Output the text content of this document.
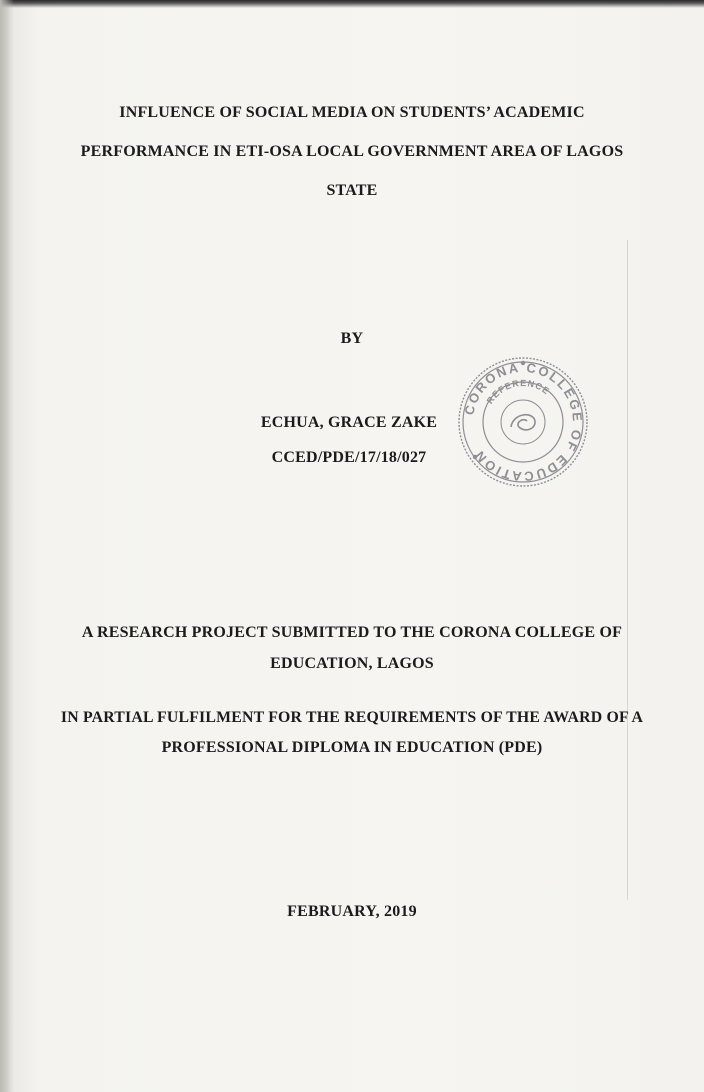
INFLUENCE OF SOCIAL MEDIA ON STUDENTS’ ACADEMIC
PERFORMANCE IN ETI-OSA LOCAL GOVERNMENT AREA OF LAGOS
STATE
BY
ECHUA, GRACE ZAKE
CCED/PDE/17/18/027
A RESEARCH PROJECT SUBMITTED TO THE CORONA COLLEGE OF
EDUCATION, LAGOS
IN PARTIAL FULFILMENT FOR THE REQUIREMENTS OF THE AWARD OF A
PROFESSIONAL DIPLOMA IN EDUCATION (PDE)
FEBRUARY, 2019
CORONA COLLEGE OF EDUCATION
REFERENCE
